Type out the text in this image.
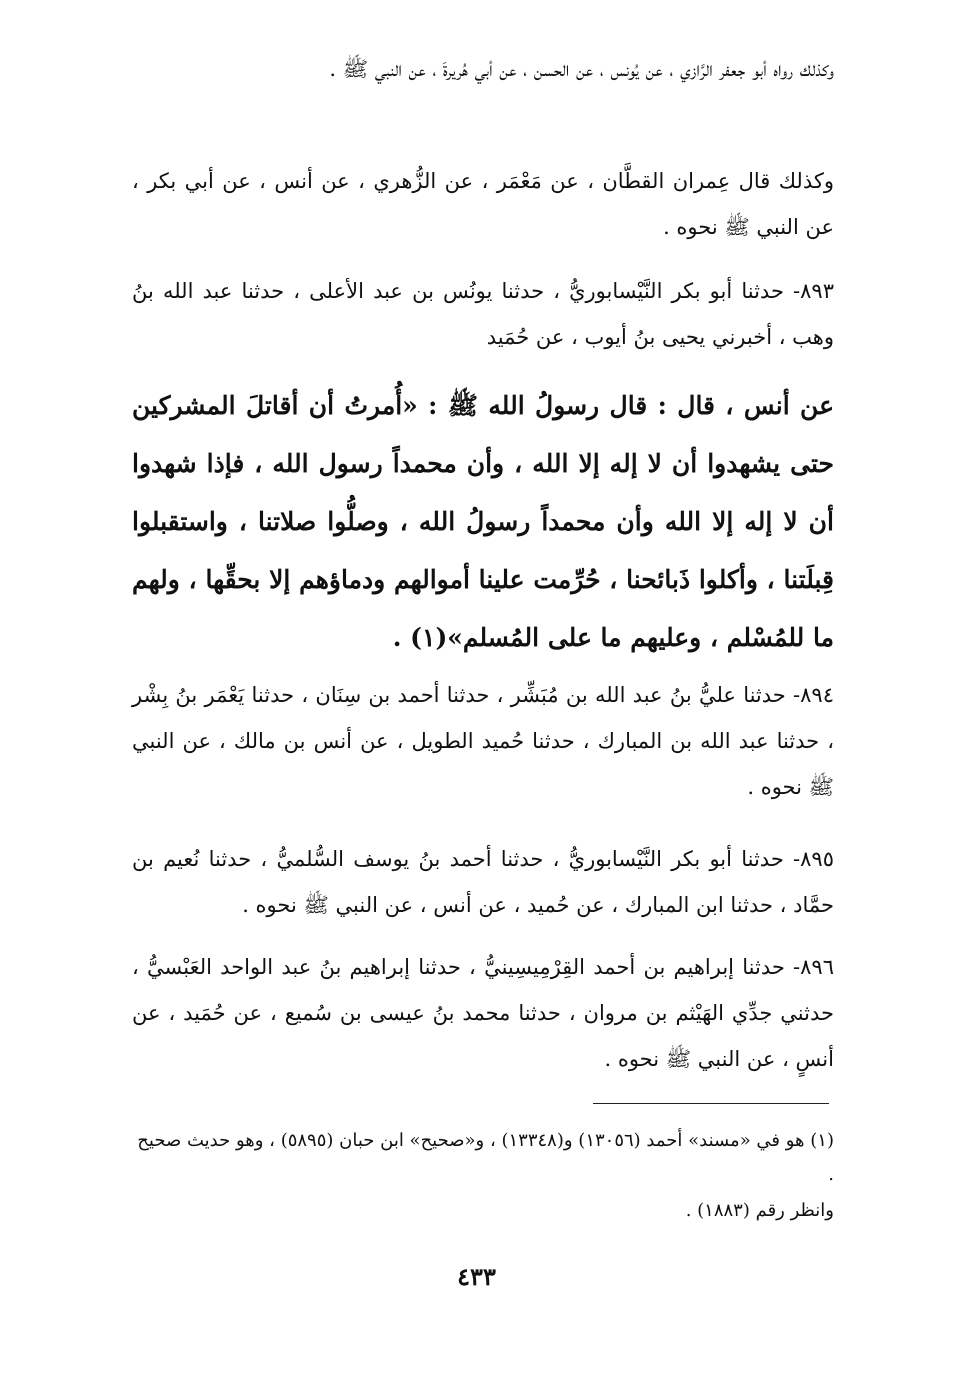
وكذلك رواه أبو جعفر الرَّازي ، عن يُونس ، عن الحسن ، عن أبي هُريرةَ ، عن النبي ﷺ .

وكذلك قال عِمران القطَّان ، عن مَعْمَر ، عن الزُّهري ، عن أنس ، عن أبي بكر ، عن النبي ﷺ نحوه .

٨٩٣- حدثنا أبو بكر النَّيْسابوريُّ ، حدثنا يونُس بن عبد الأعلى ، حدثنا عبد الله بنُ وهب ، أخبرني يحيى بنُ أيوب ، عن حُمَيد

عن أنس ، قال : قال رسولُ الله ﷺ : «أُمرتُ أن أقاتلَ المشركين حتى يشهدوا أن لا إله إلا الله ، وأن محمداً رسول الله ، فإذا شهدوا أن لا إله إلا الله وأن محمداً رسولُ الله ، وصلُّوا صلاتنا ، واستقبلوا قِبلَتنا ، وأكلوا ذَبائحنا ، حُرِّمت علينا أموالهم ودماؤهم إلا بحقِّها ، ولهم ما للمُسْلم ، وعليهم ما على المُسلم»(١) .

٨٩٤- حدثنا عليُّ بنُ عبد الله بن مُبَشِّر ، حدثنا أحمد بن سِنَان ، حدثنا يَعْمَر بنُ بِشْر ، حدثنا عبد الله بن المبارك ، حدثنا حُميد الطويل ، عن أنس بن مالك ، عن النبي ﷺ نحوه .

٨٩٥- حدثنا أبو بكر النَّيْسابوريُّ ، حدثنا أحمد بنُ يوسف السُّلميُّ ، حدثنا نُعيم بن حمَّاد ، حدثنا ابن المبارك ، عن حُميد ، عن أنس ، عن النبي ﷺ نحوه .

٨٩٦- حدثنا إبراهيم بن أحمد القِرْمِيسِينيُّ ، حدثنا إبراهيم بنُ عبد الواحد العَبْسيُّ ، حدثني جدِّي الهَيْثم بن مروان ، حدثنا محمد بنُ عيسى بن سُميع ، عن حُمَيد ، عن أنسٍ ، عن النبي ﷺ نحوه .

(١) هو في «مسند» أحمد (١٣٠٥٦) و(١٣٣٤٨) ، و«صحيح» ابن حبان (٥٨٩٥) ، وهو حديث صحيح .

وانظر رقم (١٨٨٣) .

٤٣٣
